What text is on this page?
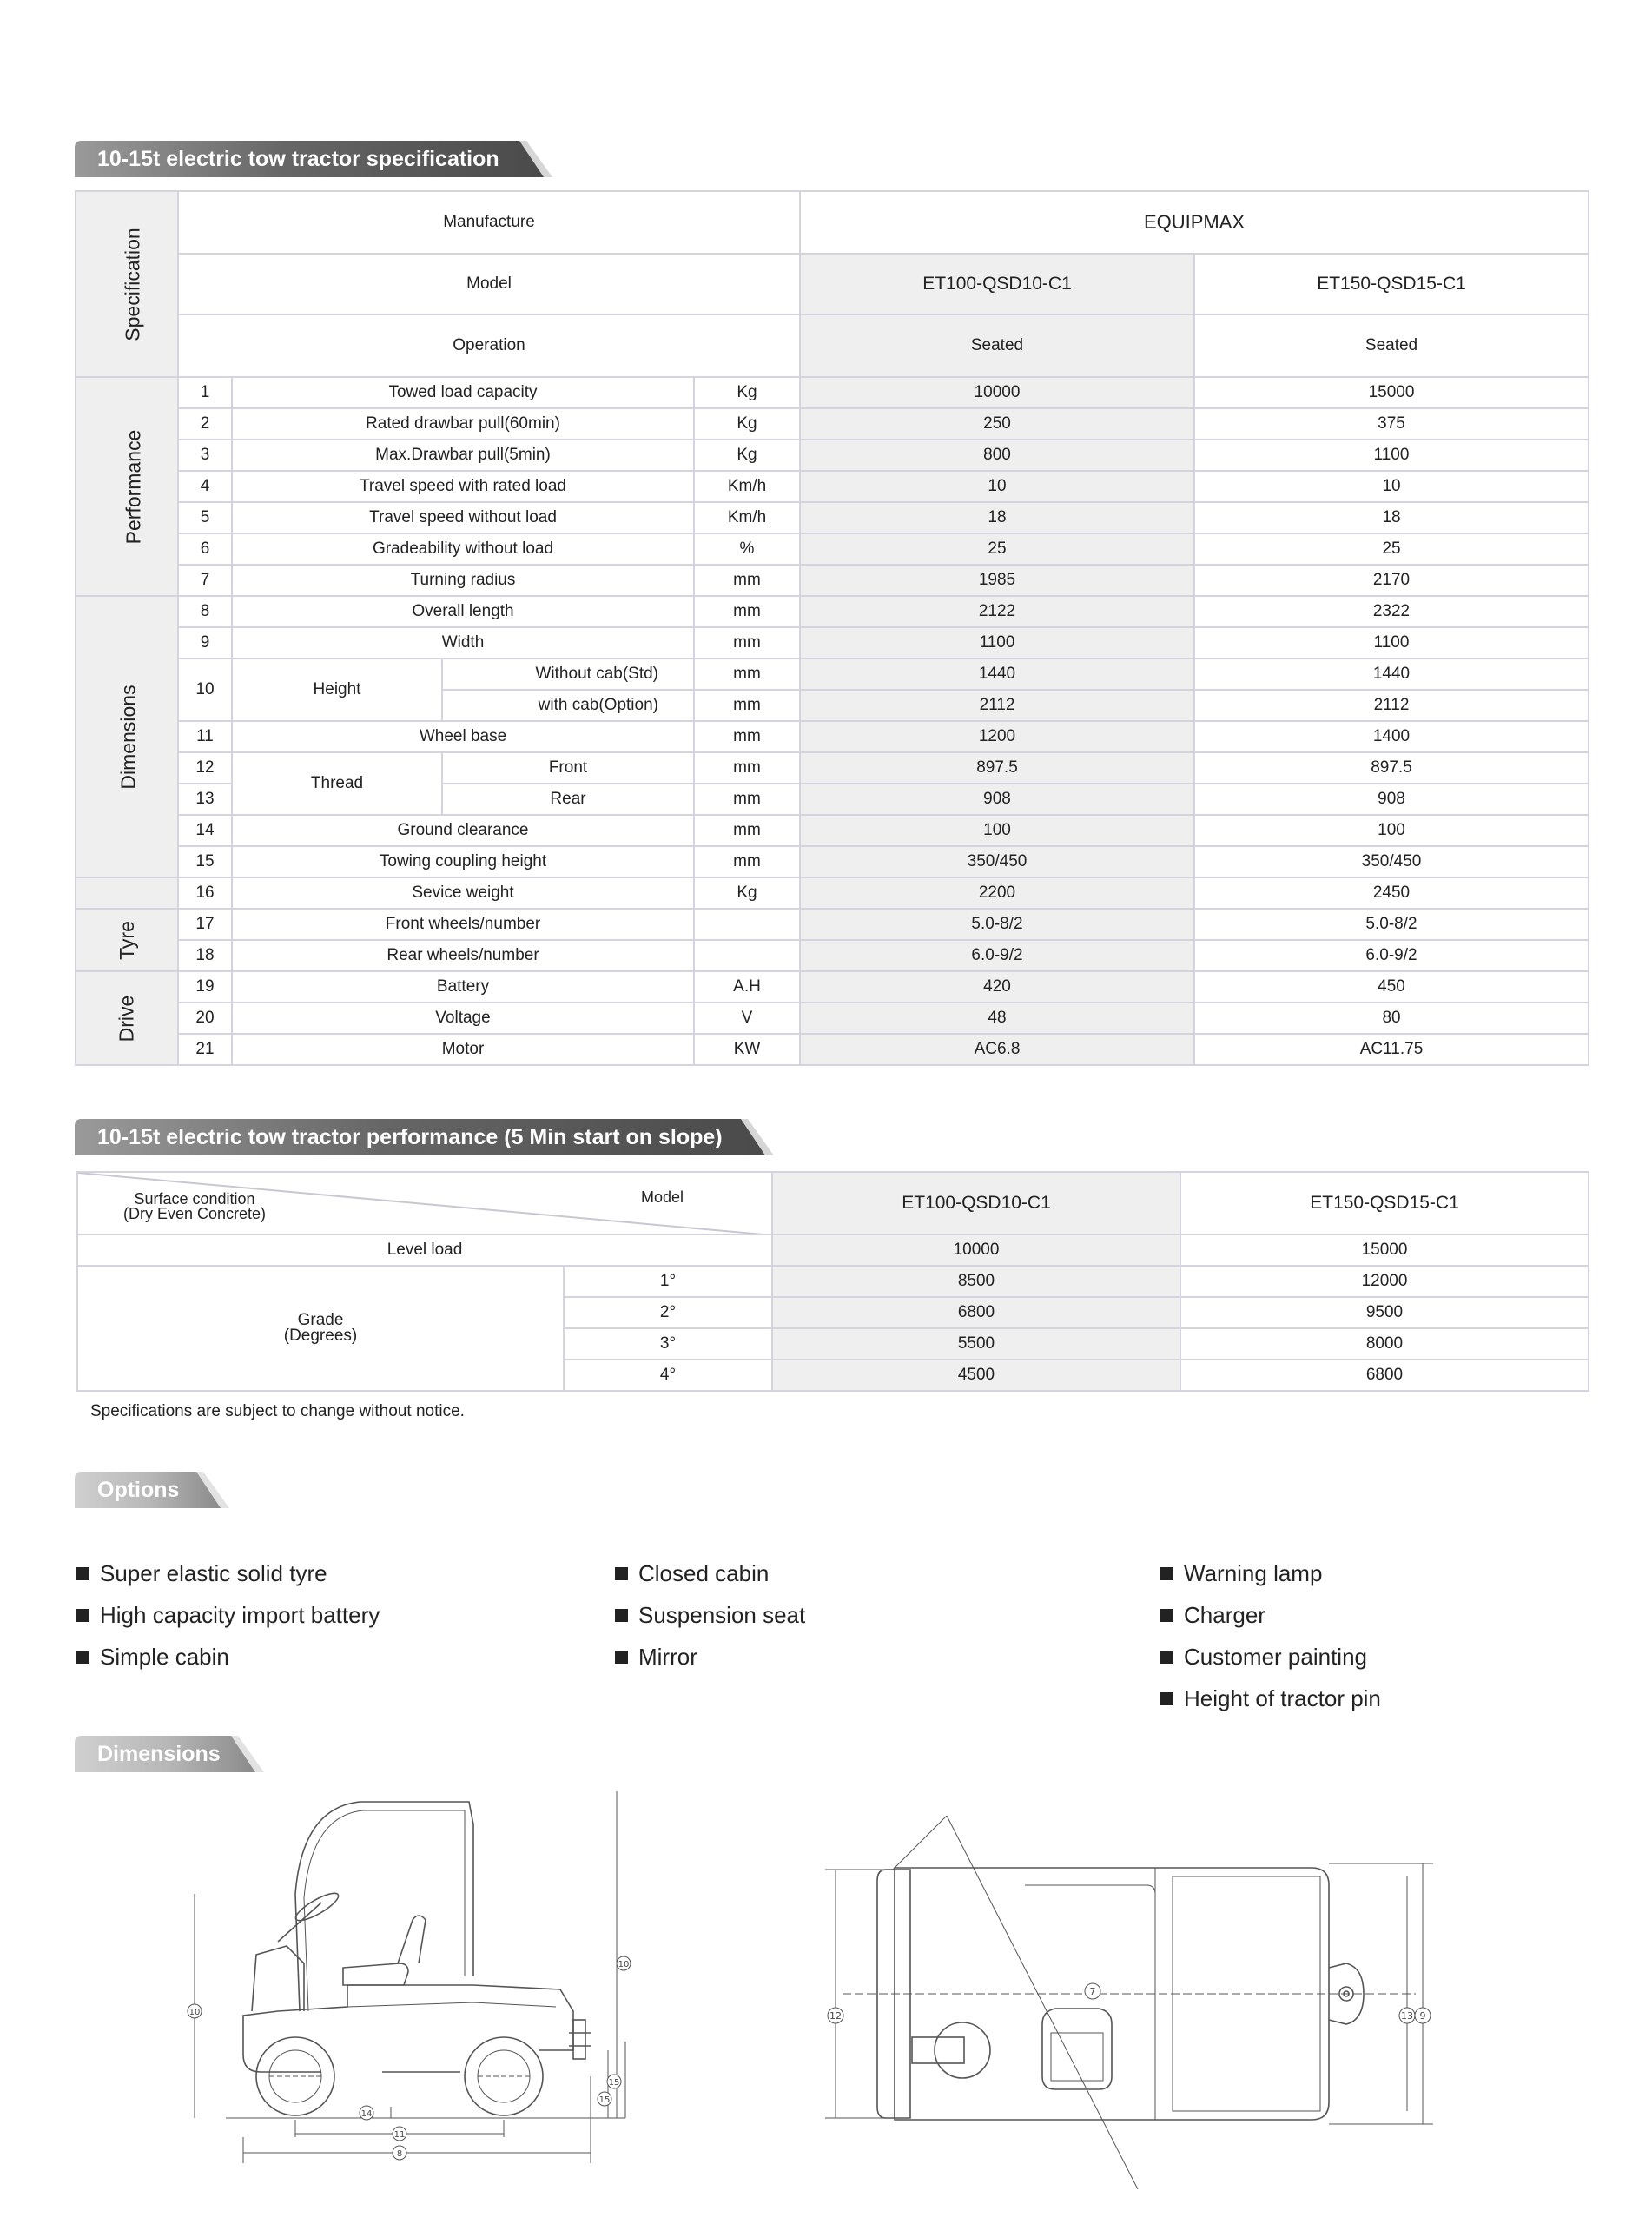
10-15t electric tow tractor specification
Specification	Manufacture				EQUIPMAX	
	Model				ET100-QSD10-C1	ET150-QSD15-C1
	Operation				Seated	Seated
Performance	1	Towed load capacity		Kg	10000	15000
	2	Rated drawbar pull(60min)		Kg	250	375
	3	Max.Drawbar pull(5min)		Kg	800	1100
	4	Travel speed with rated load		Km/h	10	10
	5	Travel speed without load		Km/h	18	18
	6	Gradeability without load		%	25	25
	7	Turning radius		mm	1985	2170
Dimensions	8	Overall length		mm	2122	2322
	9	Width		mm	1100	1100
	10	Height	Without cab(Std)	mm	1440	1440
			with cab(Option)	mm	2112	2112
	11	Wheel base		mm	1200	1400
	12	Thread	Front	mm	897.5	897.5
	13		Rear	mm	908	908
	14	Ground clearance		mm	100	100
	15	Towing coupling height		mm	350/450	350/450
	16	Sevice weight		Kg	2200	2450
Tyre	17	Front wheels/number			5.0-8/2	5.0-8/2
	18	Rear wheels/number			6.0-9/2	6.0-9/2
Drive	19	Battery		A.H	420	450
	20	Voltage		V	48	80
	21	Motor		KW	AC6.8	AC11.75
10-15t electric tow tractor performance (5 Min start on slope)
Surface condition
(Dry Even Concrete)
Model		ET100-QSD10-C1	ET150-QSD15-C1
Level load		10000	15000

Grade
(Degrees)	1°	8500	12000
	2°	6800	9500
	3°	5500	8000
	4°	4500	6800
Specifications are subject to change without notice.
Options
Super elastic solid tyre
High capacity import battery
Simple cabin
Closed cabin
Suspension seat
Mirror
Warning lamp
Charger
Customer painting
Height of tractor pin
Dimensions
10
10
14
15
15
11
8
7
12	13 9
